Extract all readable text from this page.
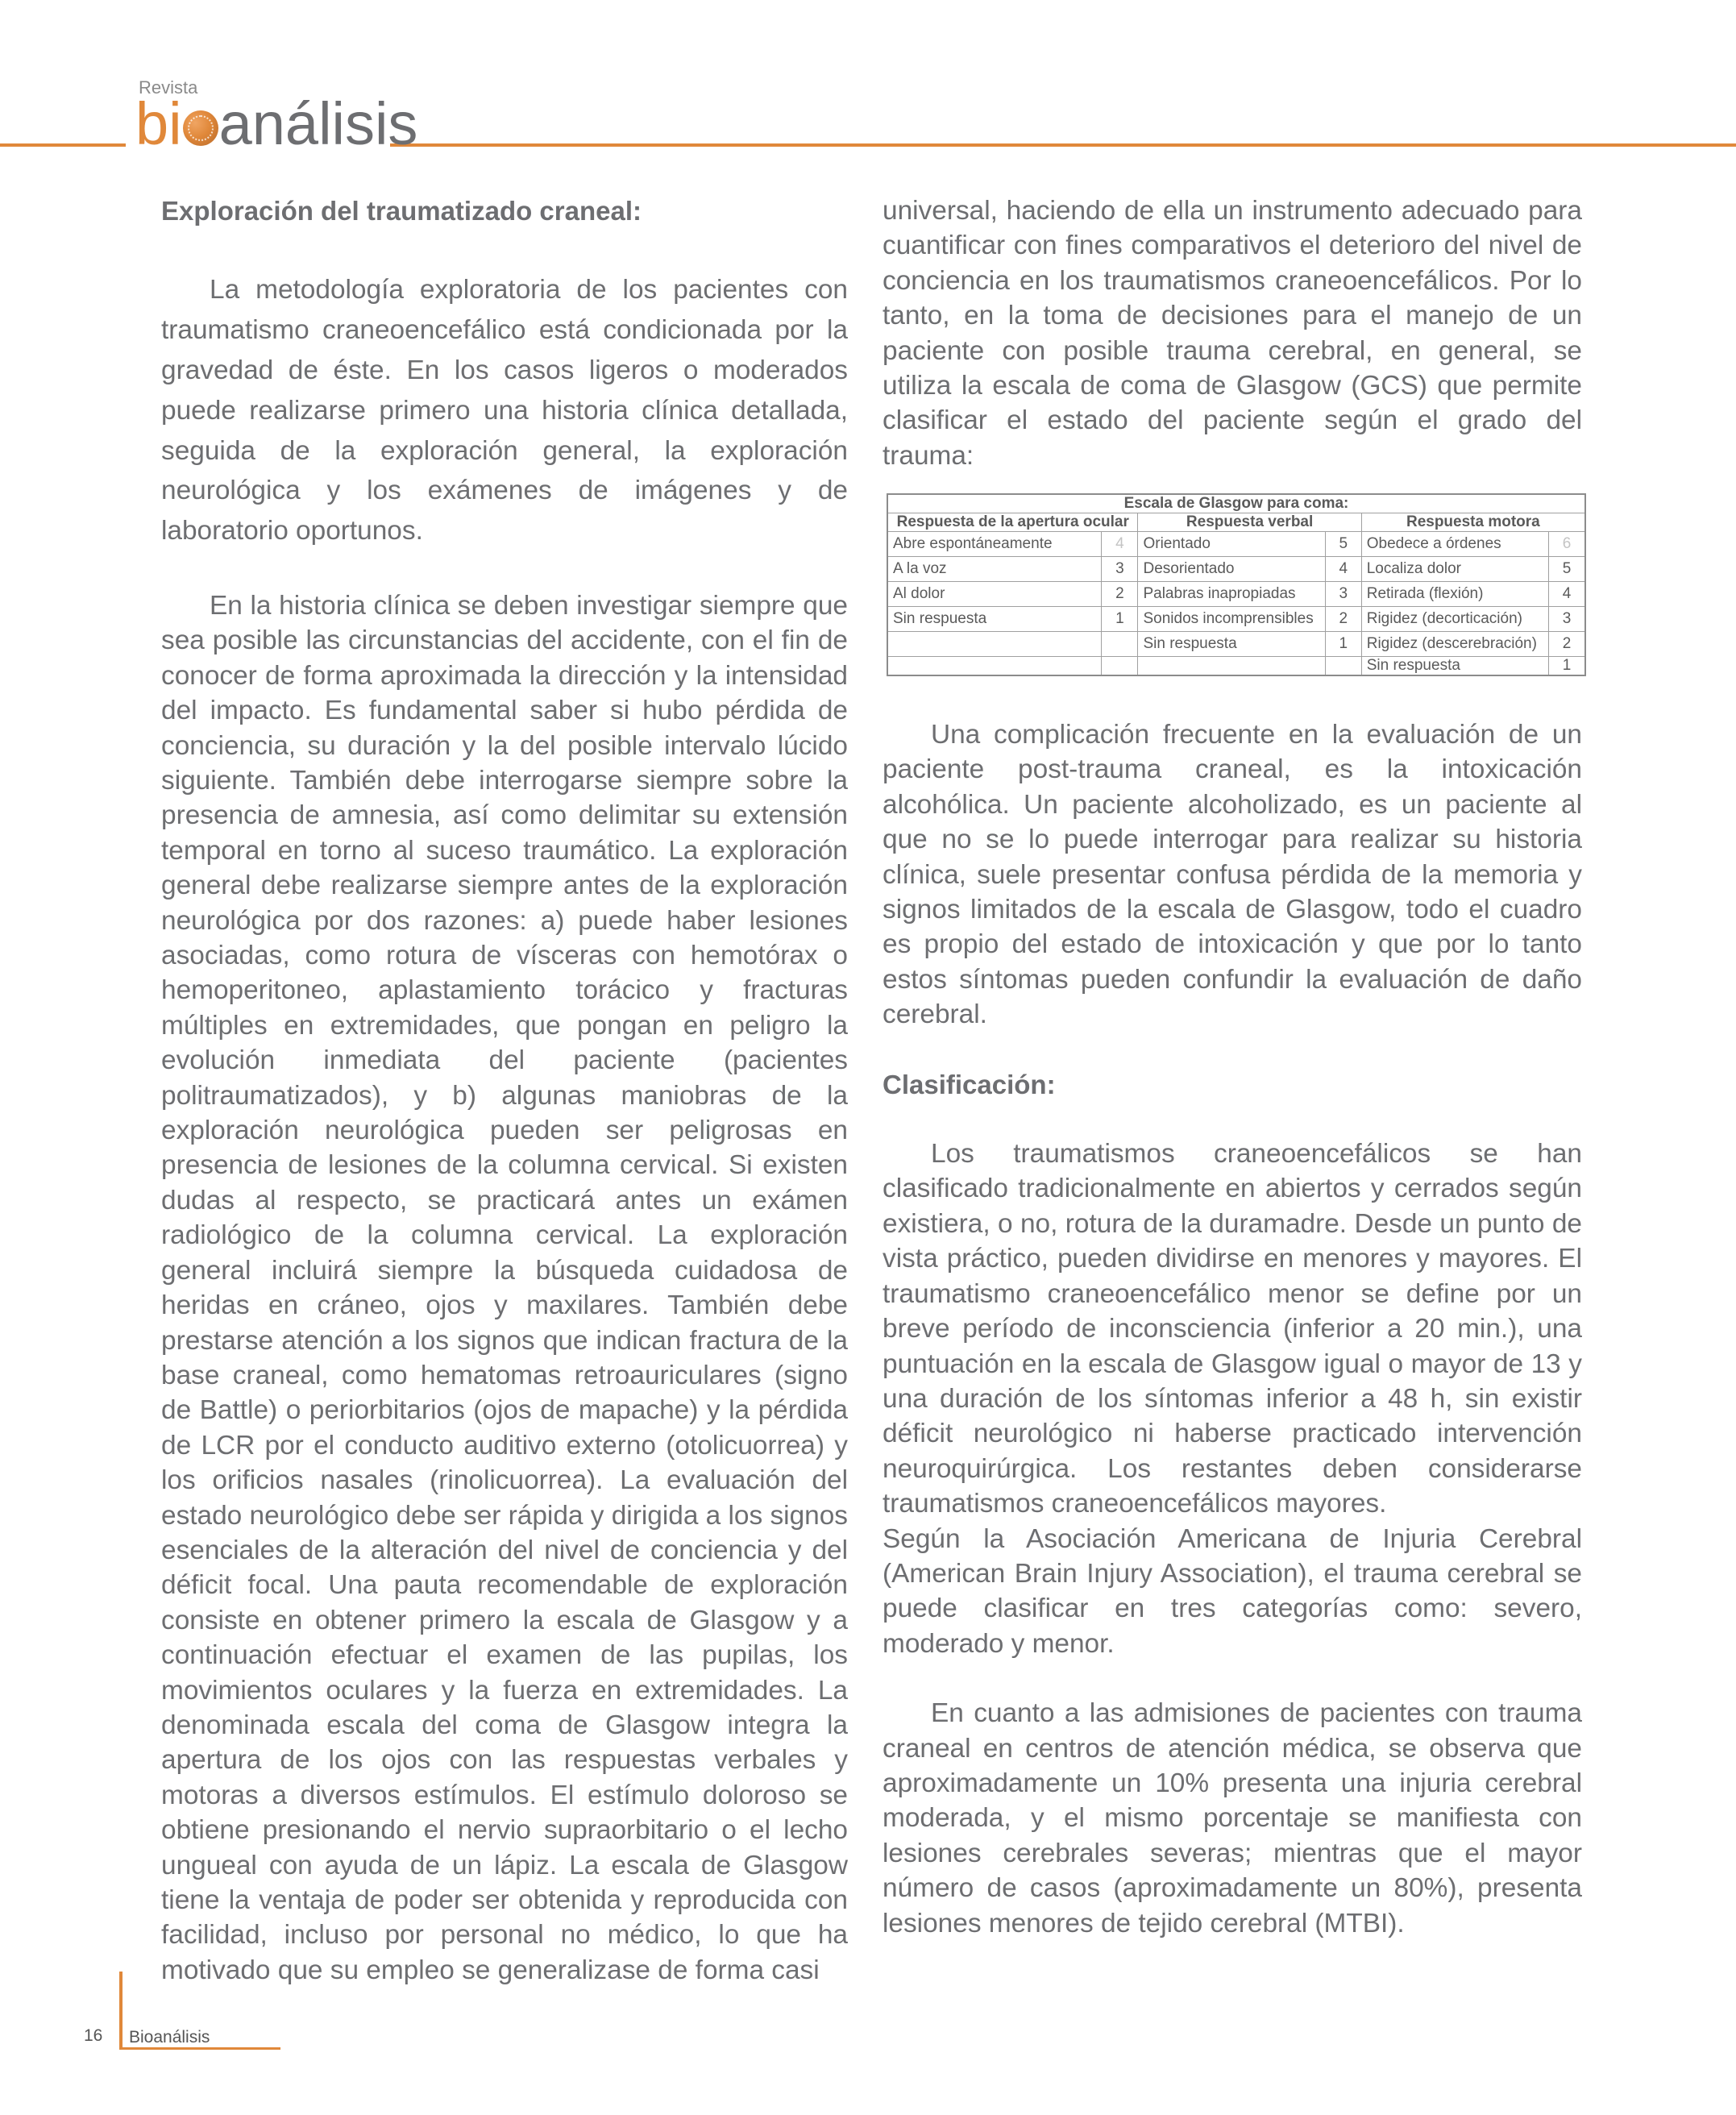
Revista
bi análisis

Exploración del traumatizado craneal:

La metodología exploratoria de los pacientes con traumatismo craneoencefálico está condicionada por la gravedad de éste. En los casos ligeros o moderados puede realizarse primero una historia clínica detallada, seguida de la exploración general, la exploración neurológica y los exámenes de imágenes y de laboratorio oportunos.

En la historia clínica se deben investigar siempre que sea posible las circunstancias del accidente, con el fin de conocer de forma aproximada la dirección y la intensidad del impacto. Es fundamental saber si hubo pérdida de conciencia, su duración y la del posible intervalo lúcido siguiente. También debe interrogarse siempre sobre la presencia de amnesia, así como delimitar su extensión temporal en torno al suceso traumático. La exploración general debe realizarse siempre antes de la exploración neurológica por dos razones: a) puede haber lesiones asociadas, como rotura de vísceras con hemotórax o hemoperitoneo, aplastamiento torácico y fracturas múltiples en extremidades, que pongan en peligro la evolución inmediata del paciente (pacientes politraumatizados), y b) algunas maniobras de la exploración neurológica pueden ser peligrosas en presencia de lesiones de la columna cervical. Si existen dudas al respecto, se practicará antes un exámen radiológico de la columna cervical. La exploración general incluirá siempre la búsqueda cuidadosa de heridas en cráneo, ojos y maxilares. También debe prestarse atención a los signos que indican fractura de la base craneal, como hematomas retroauriculares (signo de Battle) o periorbitarios (ojos de mapache) y la pérdida de LCR por el conducto auditivo externo (otolicuorrea) y los orificios nasales (rinolicuorrea). La evaluación del estado neurológico debe ser rápida y dirigida a los signos esenciales de la alteración del nivel de conciencia y del déficit focal. Una pauta recomendable de exploración consiste en obtener primero la escala de Glasgow y a continuación efectuar el examen de las pupilas, los movimientos oculares y la fuerza en extremidades. La denominada escala del coma de Glasgow integra la apertura de los ojos con las respuestas verbales y motoras a diversos estímulos. El estímulo doloroso se obtiene presionando el nervio supraorbitario o el lecho ungueal con ayuda de un lápiz. La escala de Glasgow tiene la ventaja de poder ser obtenida y reproducida con facilidad, incluso por personal no médico, lo que ha motivado que su empleo se generalizase de forma casi

universal, haciendo de ella un instrumento adecuado para cuantificar con fines comparativos el deterioro del nivel de conciencia en los traumatismos craneoencefálicos. Por lo tanto, en la toma de decisiones para el manejo de un paciente con posible trauma cerebral, en general, se utiliza la escala de coma de Glasgow (GCS) que permite clasificar el estado del paciente según el grado del trauma:

Escala de Glasgow para coma:					
Respuesta de la apertura ocular		Respuesta verbal		Respuesta motora	
Abre espontáneamente	4	Orientado	5	Obedece a órdenes	6
A la voz	3	Desorientado	4	Localiza dolor	5
Al dolor	2	Palabras inapropiadas	3	Retirada (flexión)	4
Sin respuesta	1	Sonidos incomprensibles	2	Rigidez (decorticación)	3
		Sin respuesta	1	Rigidez (descerebración)	2
				Sin respuesta	1

Una complicación frecuente en la evaluación de un paciente post-trauma craneal, es la intoxicación alcohólica. Un paciente alcoholizado, es un paciente al que no se lo puede interrogar para realizar su historia clínica, suele presentar confusa pérdida de la memoria y signos limitados de la escala de Glasgow, todo el cuadro es propio del estado de intoxicación y que por lo tanto estos síntomas pueden confundir la evaluación de daño cerebral.

Clasificación:

Los traumatismos craneoencefálicos se han clasificado tradicionalmente en abiertos y cerrados según existiera, o no, rotura de la duramadre. Desde un punto de vista práctico, pueden dividirse en menores y mayores. El traumatismo craneoencefálico menor se define por un breve período de inconsciencia (inferior a 20 min.), una puntuación en la escala de Glasgow igual o mayor de 13 y una duración de los síntomas inferior a 48 h, sin existir déficit neurológico ni haberse practicado intervención neuroquirúrgica. Los restantes deben considerarse traumatismos craneoencefálicos mayores.

Según la Asociación Americana de Injuria Cerebral (American Brain Injury Association), el trauma cerebral se puede clasificar en tres categorías como: severo, moderado y menor.

En cuanto a las admisiones de pacientes con trauma craneal en centros de atención médica, se observa que aproximadamente un 10% presenta una injuria cerebral moderada, y el mismo porcentaje se manifiesta con lesiones cerebrales severas; mientras que el mayor número de casos (aproximadamente un 80%), presenta lesiones menores de tejido cerebral (MTBI).

16 Bioanálisis
